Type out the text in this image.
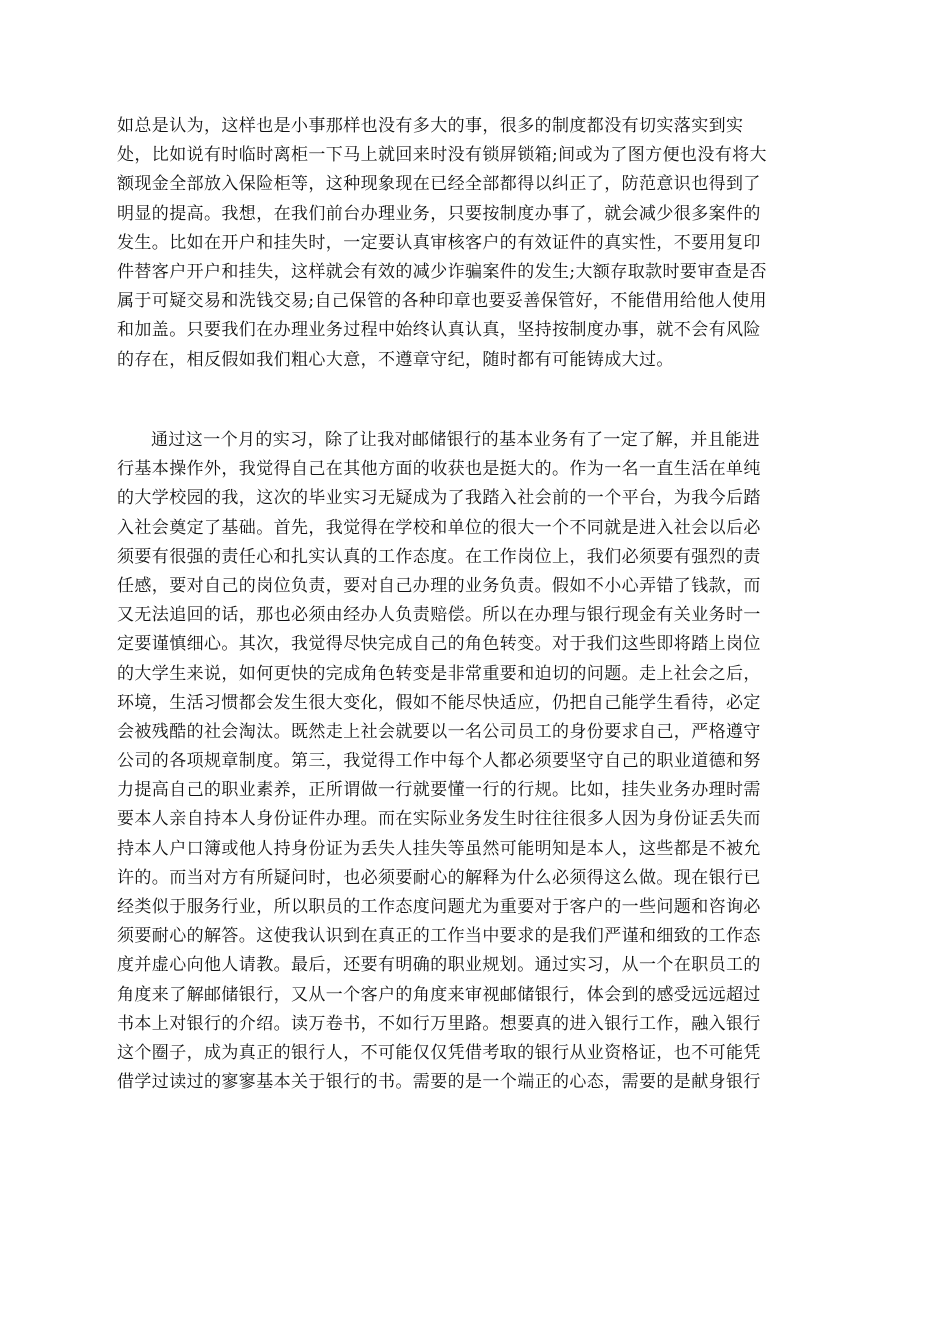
如总是认为，这样也是小事那样也没有多大的事，很多的制度都没有切实落实到实
处，比如说有时临时离柜一下马上就回来时没有锁屏锁箱;间或为了图方便也没有将大
额现金全部放入保险柜等，这种现象现在已经全部都得以纠正了，防范意识也得到了
明显的提高。我想，在我们前台办理业务，只要按制度办事了，就会减少很多案件的
发生。比如在开户和挂失时，一定要认真审核客户的有效证件的真实性，不要用复印
件替客户开户和挂失，这样就会有效的减少诈骗案件的发生;大额存取款时要审查是否
属于可疑交易和洗钱交易;自己保管的各种印章也要妥善保管好，不能借用给他人使用
和加盖。只要我们在办理业务过程中始终认真认真，坚持按制度办事，就不会有风险
的存在，相反假如我们粗心大意，不遵章守纪，随时都有可能铸成大过。
通过这一个月的实习，除了让我对邮储银行的基本业务有了一定了解，并且能进
行基本操作外，我觉得自己在其他方面的收获也是挺大的。作为一名一直生活在单纯
的大学校园的我，这次的毕业实习无疑成为了我踏入社会前的一个平台，为我今后踏
入社会奠定了基础。首先，我觉得在学校和单位的很大一个不同就是进入社会以后必
须要有很强的责任心和扎实认真的工作态度。在工作岗位上，我们必须要有强烈的责
任感，要对自己的岗位负责，要对自己办理的业务负责。假如不小心弄错了钱款，而
又无法追回的话，那也必须由经办人负责赔偿。所以在办理与银行现金有关业务时一
定要谨慎细心。其次，我觉得尽快完成自己的角色转变。对于我们这些即将踏上岗位
的大学生来说，如何更快的完成角色转变是非常重要和迫切的问题。走上社会之后，
环境，生活习惯都会发生很大变化，假如不能尽快适应，仍把自己能学生看待，必定
会被残酷的社会淘汰。既然走上社会就要以一名公司员工的身份要求自己，严格遵守
公司的各项规章制度。第三，我觉得工作中每个人都必须要坚守自己的职业道德和努
力提高自己的职业素养，正所谓做一行就要懂一行的行规。比如，挂失业务办理时需
要本人亲自持本人身份证件办理。而在实际业务发生时往往很多人因为身份证丢失而
持本人户口簿或他人持身份证为丢失人挂失等虽然可能明知是本人，这些都是不被允
许的。而当对方有所疑问时，也必须要耐心的解释为什么必须得这么做。现在银行已
经类似于服务行业，所以职员的工作态度问题尤为重要对于客户的一些问题和咨询必
须要耐心的解答。这使我认识到在真正的工作当中要求的是我们严谨和细致的工作态
度并虚心向他人请教。最后，还要有明确的职业规划。通过实习，从一个在职员工的
角度来了解邮储银行，又从一个客户的角度来审视邮储银行，体会到的感受远远超过
书本上对银行的介绍。读万卷书，不如行万里路。想要真的进入银行工作，融入银行
这个圈子，成为真正的银行人，不可能仅仅凭借考取的银行从业资格证，也不可能凭
借学过读过的寥寥基本关于银行的书。需要的是一个端正的心态，需要的是献身银行
